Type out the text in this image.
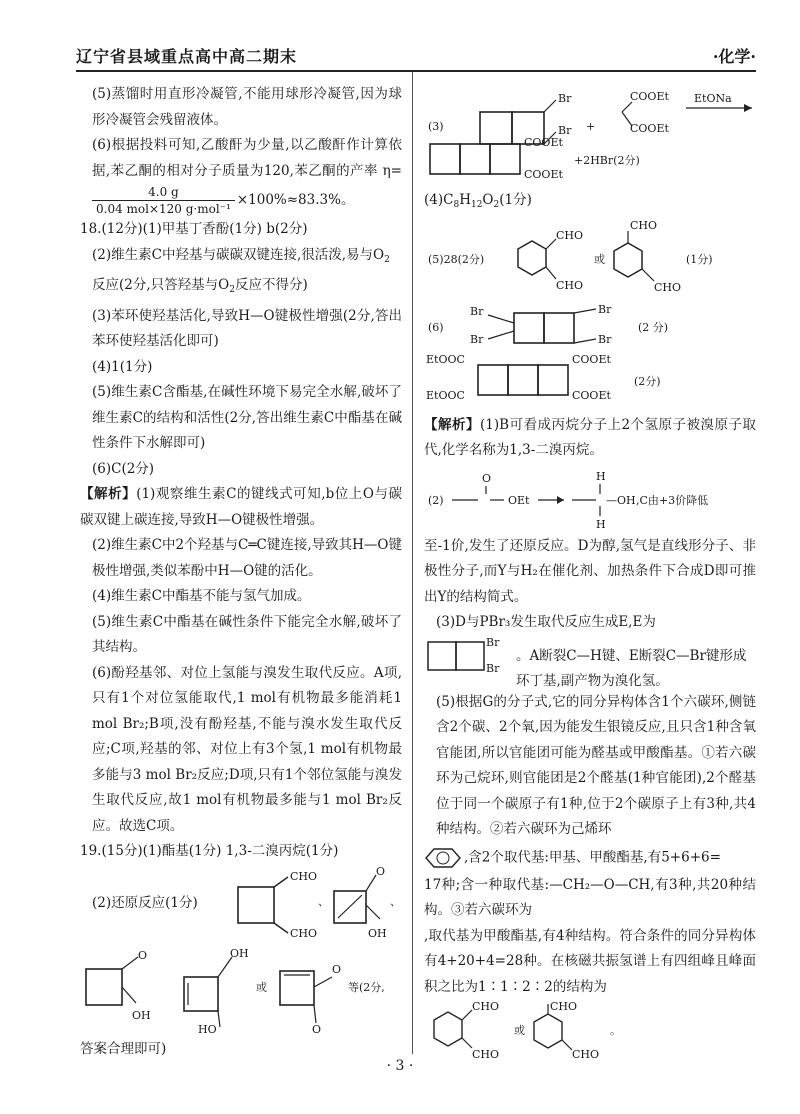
辽宁省县域重点高中高二期末	·化学·

(5)蒸馏时用直形冷凝管,不能用球形冷凝管,因为球形冷凝管会残留液体。

(6)根据投料可知,乙酸酐为少量,以乙酸酐作计算依据,苯乙酮的相对分子质量为120,苯乙酮的产率 η=
$\frac{4.0 g}{\text{0.04 mol×120 g·mol⁻¹}} \times 100\%\approx 83.3\%$。

18.(12分)(1)甲基丁香酚(1分) b(2分)

(2)维生素C中羟基与碳碳双键连接,很活泼,易与$O_2$
反应(2分,只答羟基与$O_2$反应不得分)

(3)苯环使羟基活化,导致H—O键极性增强(2分,答出苯环使羟基活化即可)

(4)1(1分)

(5)维生素C含酯基,在碱性环境下易完全水解,破坏了维生素C的结构和活性(2分,答出维生素C中酯基在碱性条件下水解即可)

(6)C(2分)

【解析】(1)观察维生素C的键线式可知,b位上O与碳碳双键上碳连接,导致H—O键极性增强。

(2)维生素C中2个羟基与C═C键连接,导致其H—O键极性增强,类似苯酚中H—O键的活化。

(4)维生素C中酯基不能与氢气加成。

(5)维生素C中酯基在碱性条件下能完全水解,破坏了其结构。

(6)酚羟基邻、对位上氢能与溴发生取代反应。A项,只有1个对位氢能取代,1 mol有机物最多能消耗1 mol Br₂;B项,没有酚羟基,不能与溴水发生取代反应;C项,羟基的邻、对位上有3个氢,1 mol有机物最多能与3 mol Br₂反应;D项,只有1个邻位氢能与溴发生取代反应,故1 mol有机物最多能与1 mol Br₂反应。故选C项。

19.(15分)(1)酯基(1分) 1,3-二溴丙烷(1分)

(2)还原反应(1分)
CHO
CHO
、
O
OH
、
O
OH
OH
HO
或
O
O
等(2分,

答案合理即可)

(3)
Br
Br +
COOEt
COOEt
EtONa
COOEt
COOEt
+2HBr(2分)

$(4)C_8H_{12}O_2(1$分)

(5)28(2分)
CHO
CHO
或
CHO
CHO
(1分)
(6)
Br
Br
Br
Br
(2 分)
EtOOC
EtOOC
COOEt
COOEt
(2分)

【解析】(1)B可看成丙烷分子上2个氢原子被溴原子取代,化学名称为1,3-二溴丙烷。

(2)
O
OEt
H
H
—OH ,C由+3价降低

至-1价,发生了还原反应。D为醇,氢气是直线形分子、非极性分子,而Y与H₂在催化剂、加热条件下合成D即可推出Y的结构简式。

(3)D与PBr₃发生取代反应生成E,E为

Br
Br
。A断裂C—H键、E断裂C—Br键形成环丁基,副产物为溴化氢。

(5)根据G的分子式,它的同分异构体含1个六碳环,侧链含2个碳、2个氧,因为能发生银镜反应,且只含1种含氧官能团,所以官能团可能为醛基或甲酸酯基。①若六碳环为己烷环,则官能团是2个醛基(1种官能团),2个醛基位于同一个碳原子有1种,位于2个碳原子上有3种,共4种结构。②若六碳环为己烯环

,含2个取代基:甲基、甲酸酯基,有5+6+6=

17种;含一种取代基:—CH₂—O—CH,有3种,共20种结构。③若六碳环为

,取代基为甲酸酯基,有4种结构。符合条件的同分异构体有4+20+4=28种。在核磁共振氢谱上有四组峰且峰面积之比为1∶1∶2∶2的结构为

CHO
CHO
或
CHO
CHO
。
· 3 ·
